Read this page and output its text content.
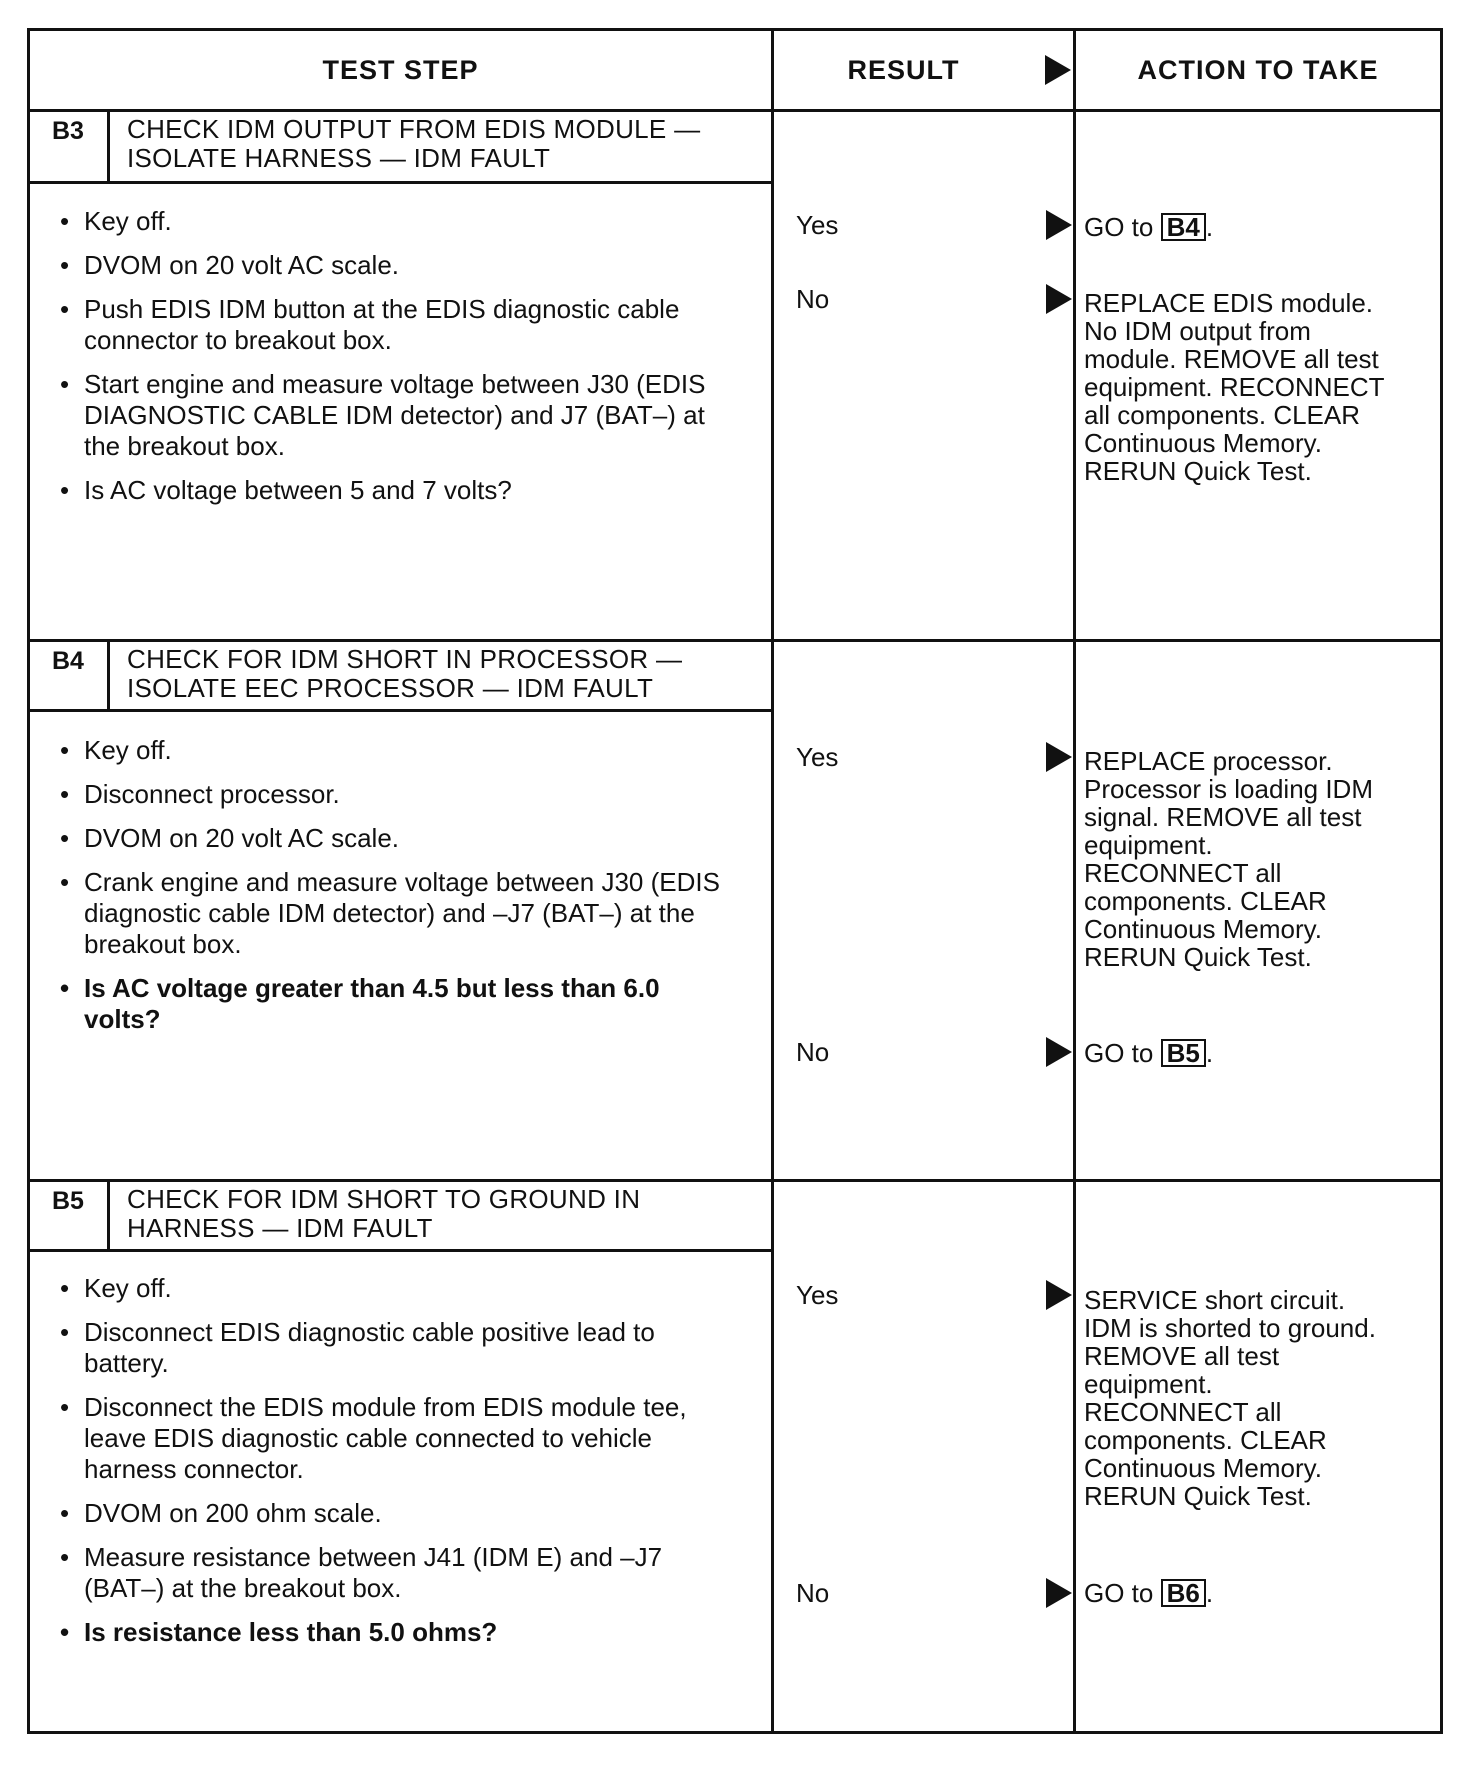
TEST STEP	RESULT	ACTION TO TAKE
B3	CHECK IDM OUTPUT FROM EDIS MODULE —
ISOLATE HARNESS — IDM FAULT
• Key off.
• DVOM on 20 volt AC scale.
• Push EDIS IDM button at the EDIS diagnostic cable connector to breakout box.
• Start engine and measure voltage between J30 (EDIS DIAGNOSTIC CABLE IDM detector) and J7 (BAT–) at the breakout box.
• Is AC voltage between 5 and 7 volts?
Yes	GO to B4 .
No	REPLACE EDIS module. No IDM output from module. REMOVE all test equipment. RECONNECT all components. CLEAR Continuous Memory. RERUN Quick Test.
B4	CHECK FOR IDM SHORT IN PROCESSOR —
ISOLATE EEC PROCESSOR — IDM FAULT
• Key off.
• Disconnect processor.
• DVOM on 20 volt AC scale.
• Crank engine and measure voltage between J30 (EDIS diagnostic cable IDM detector) and –J7 (BAT–) at the breakout box.
• Is AC voltage greater than 4.5 but less than 6.0 volts?
Yes	REPLACE processor. Processor is loading IDM signal. REMOVE all test equipment. RECONNECT all components. CLEAR Continuous Memory. RERUN Quick Test.
No	GO to B5 .
B5	CHECK FOR IDM SHORT TO GROUND IN
HARNESS — IDM FAULT
• Key off.
• Disconnect EDIS diagnostic cable positive lead to battery.
• Disconnect the EDIS module from EDIS module tee, leave EDIS diagnostic cable connected to vehicle harness connector.
• DVOM on 200 ohm scale.
• Measure resistance between J41 (IDM E) and –J7 (BAT–) at the breakout box.
• Is resistance less than 5.0 ohms?
Yes	SERVICE short circuit. IDM is shorted to ground. REMOVE all test equipment. RECONNECT all components. CLEAR Continuous Memory. RERUN Quick Test.
No	GO to B6 .
